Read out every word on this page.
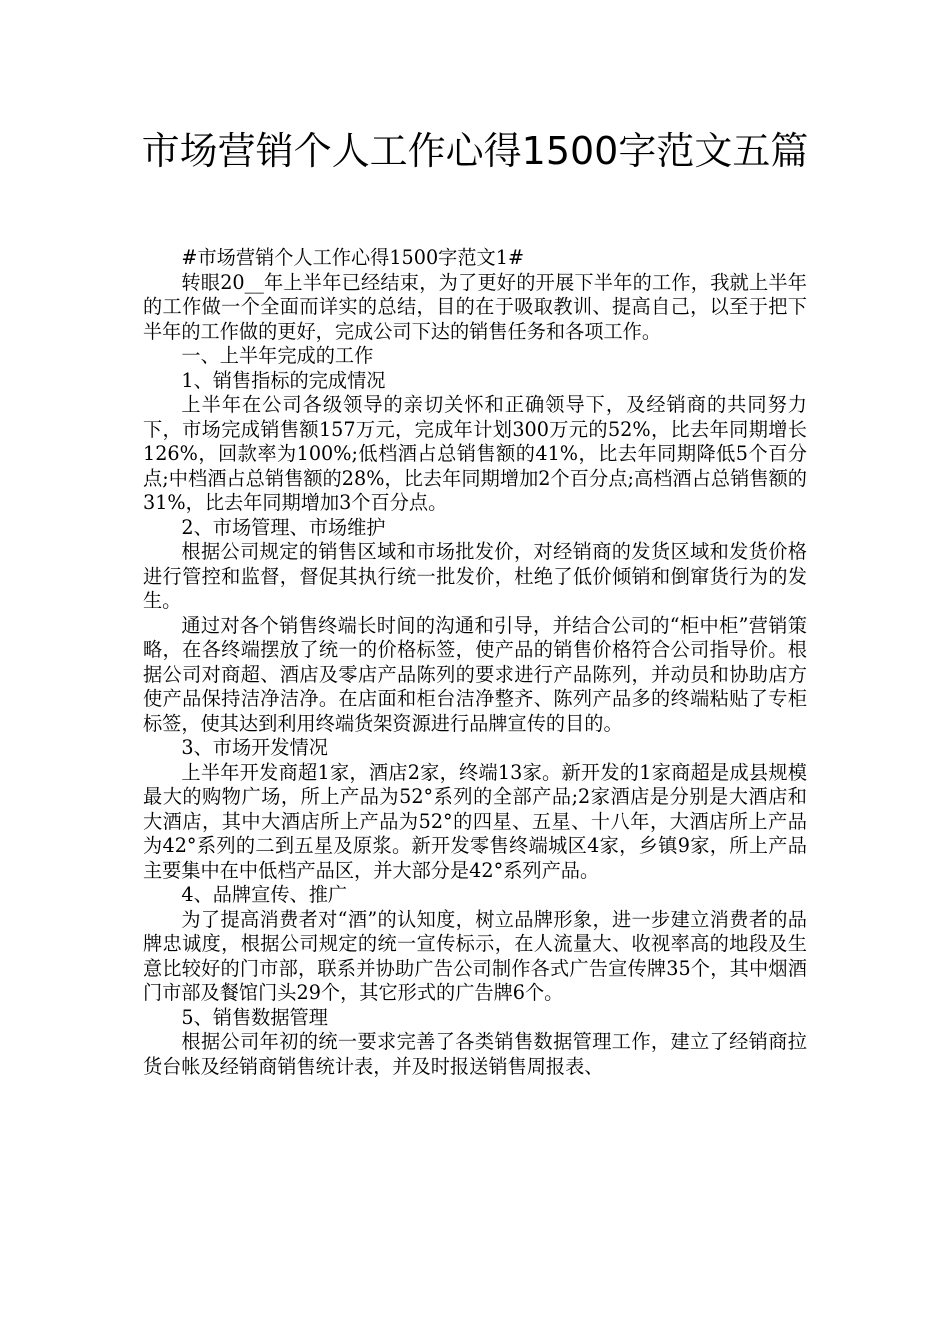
市场营销个人工作心得1500字范文五篇

#市场营销个人工作心得1500字范文1#

转眼20__年上半年已经结束，为了更好的开展下半年的工作，我就上半年的工作做一个全面而详实的总结，目的在于吸取教训、提高自己，以至于把下半年的工作做的更好，完成公司下达的销售任务和各项工作。

一、上半年完成的工作

1、销售指标的完成情况

上半年在公司各级领导的亲切关怀和正确领导下，及经销商的共同努力下，市场完成销售额157万元，完成年计划300万元的52%，比去年同期增长126%，回款率为100%;低档酒占总销售额的41%，比去年同期降低5个百分点;中档酒占总销售额的28%，比去年同期增加2个百分点;高档酒占总销售额的31%，比去年同期增加3个百分点。

2、市场管理、市场维护

根据公司规定的销售区域和市场批发价，对经销商的发货区域和发货价格进行管控和监督，督促其执行统一批发价，杜绝了低价倾销和倒窜货行为的发生。

通过对各个销售终端长时间的沟通和引导，并结合公司的“柜中柜”营销策略，在各终端摆放了统一的价格标签，使产品的销售价格符合公司指导价。根据公司对商超、酒店及零店产品陈列的要求进行产品陈列，并动员和协助店方使产品保持洁净洁净。在店面和柜台洁净整齐、陈列产品多的终端粘贴了专柜标签，使其达到利用终端货架资源进行品牌宣传的目的。

3、市场开发情况

上半年开发商超1家，酒店2家，终端13家。新开发的1家商超是成县规模最大的购物广场，所上产品为52°系列的全部产品;2家酒店是分别是大酒店和大酒店，其中大酒店所上产品为52°的四星、五星、十八年，大酒店所上产品为42°系列的二到五星及原浆。新开发零售终端城区4家，乡镇9家，所上产品主要集中在中低档产品区，并大部分是42°系列产品。

4、品牌宣传、推广

为了提高消费者对“酒”的认知度，树立品牌形象，进一步建立消费者的品牌忠诚度，根据公司规定的统一宣传标示，在人流量大、收视率高的地段及生意比较好的门市部，联系并协助广告公司制作各式广告宣传牌35个，其中烟酒门市部及餐馆门头29个，其它形式的广告牌6个。

5、销售数据管理

根据公司年初的统一要求完善了各类销售数据管理工作，建立了经销商拉货台帐及经销商销售统计表，并及时报送销售周报表、
